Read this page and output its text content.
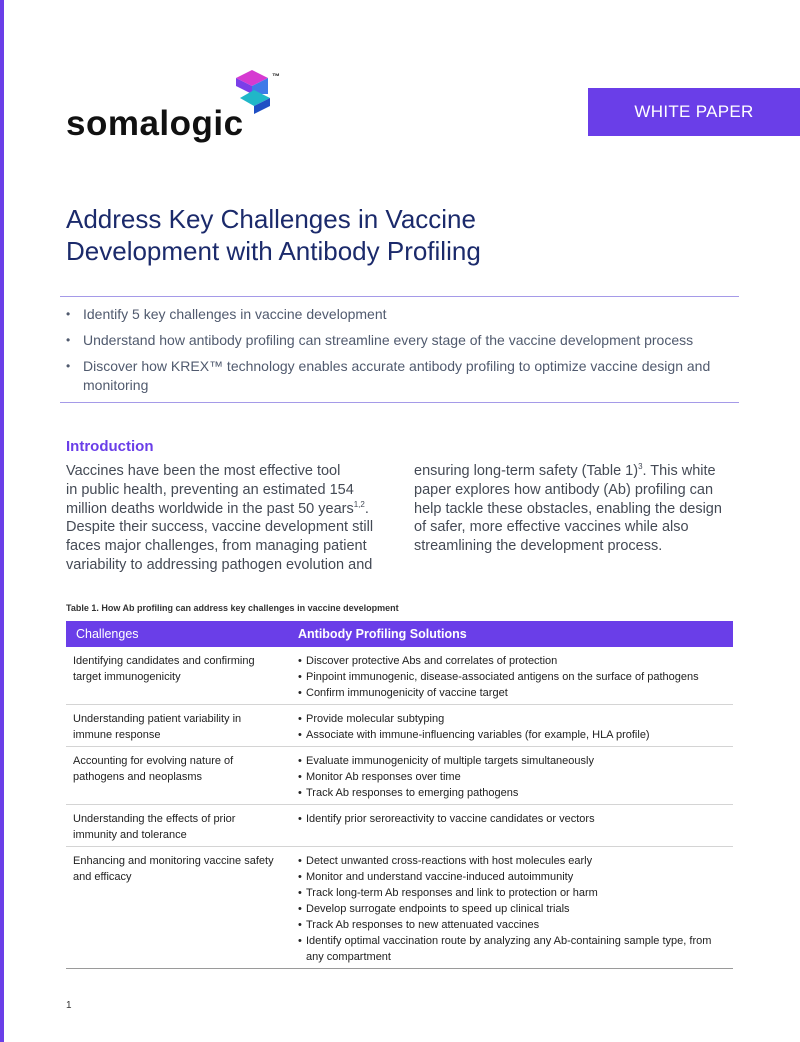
™
somalogic	WHITE PAPER
Address Key Challenges in Vaccine
Development with Antibody Profiling
• Identify 5 key challenges in vaccine development
• Understand how antibody profiling can streamline every stage of the vaccine development process
• Discover how KREX™ technology enables accurate antibody profiling to optimize vaccine design and monitoring
Introduction

Vaccines have been the most effective tool
in public health, preventing an estimated 154
million deaths worldwide in the past 50 years$^{1,2}$.
Despite their success, vaccine development still
faces major challenges, from managing patient
variability to addressing pathogen evolution and

ensuring long-term safety (Table 1)$^3$. This white
paper explores how antibody (Ab) profiling can
help tackle these obstacles, enabling the design
of safer, more effective vaccines while also
streamlining the development process.

Table 1. How Ab profiling can address key challenges in vaccine development
Challenges	Antibody Profiling Solutions
Identifying candidates and confirming target immunogenicity
• Discover protective Abs and correlates of protection
• Pinpoint immunogenic, disease-associated antigens on the surface of pathogens
• Confirm immunogenicity of vaccine target
Understanding patient variability in immune response
• Provide molecular subtyping
• Associate with immune-influencing variables (for example, HLA profile)
Accounting for evolving nature of pathogens and neoplasms
• Evaluate immunogenicity of multiple targets simultaneously
• Monitor Ab responses over time
• Track Ab responses to emerging pathogens
Understanding the effects of prior immunity and tolerance
• Identify prior seroreactivity to vaccine candidates or vectors
Enhancing and monitoring vaccine safety and efficacy
• Detect unwanted cross-reactions with host molecules early
• Monitor and understand vaccine-induced autoimmunity
• Track long-term Ab responses and link to protection or harm
• Develop surrogate endpoints to speed up clinical trials
• Track Ab responses to new attenuated vaccines
• Identify optimal vaccination route by analyzing any Ab-containing sample type, from any compartment
1
